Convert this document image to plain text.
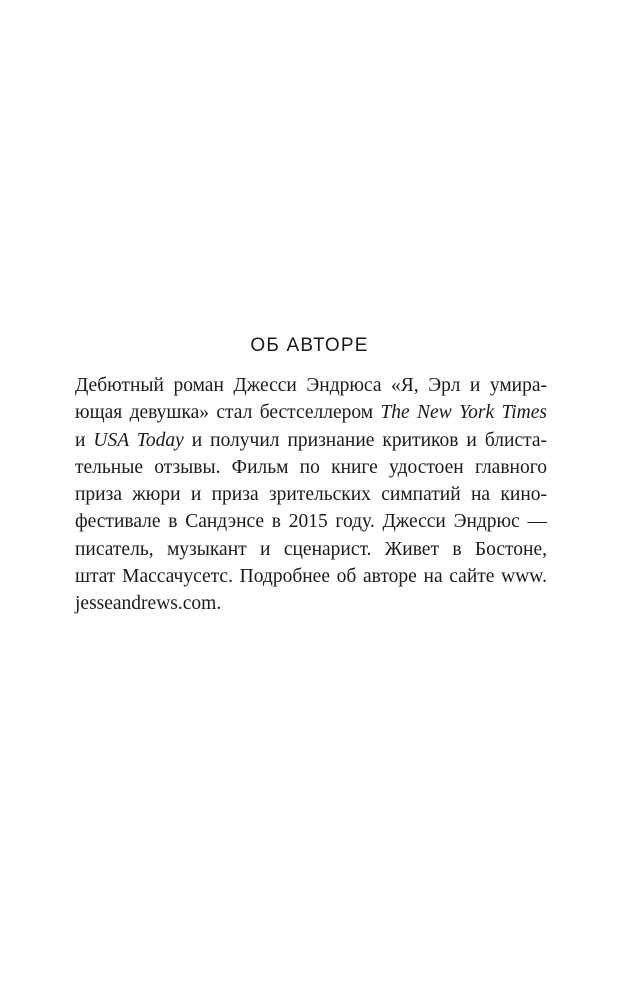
ОБ АВТОРЕ
Дебютный роман Джесси Эндрюса «Я, Эрл и умира-
ющая девушка» стал бестселлером The New York Times
и USA Today и получил признание критиков и блиста-
тельные отзывы. Фильм по книге удостоен главного
приза жюри и приза зрительских симпатий на кино-
фестивале в Сандэнсе в 2015 году. Джесси Эндрюс —
писатель, музыкант и сценарист. Живет в Бостоне,
штат Массачусетс. Подробнее об авторе на сайте www.
jesseandrews.com.
